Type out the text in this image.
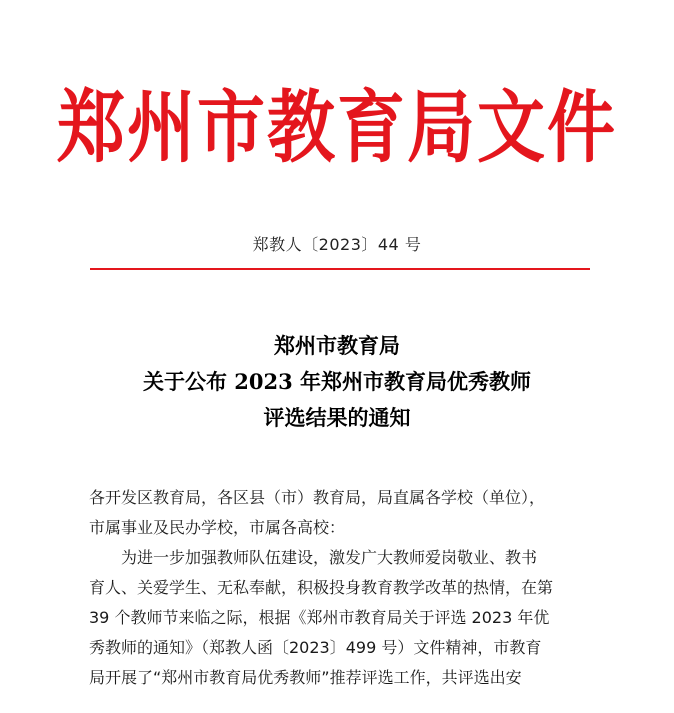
郑州市教育局文件
郑教人〔2023〕44 号
郑州市教育局
关于公布 2023 年郑州市教育局优秀教师
评选结果的通知
各开发区教育局，各区县（市）教育局，局直属各学校（单位），
市属事业及民办学校，市属各高校：
为进一步加强教师队伍建设，激发广大教师爱岗敬业、教书
育人、关爱学生、无私奉献，积极投身教育教学改革的热情，在第
39 个教师节来临之际，根据《郑州市教育局关于评选 2023 年优
秀教师的通知》（郑教人函〔2023〕499 号）文件精神，市教育
局开展了“郑州市教育局优秀教师”推荐评选工作，共评选出安
